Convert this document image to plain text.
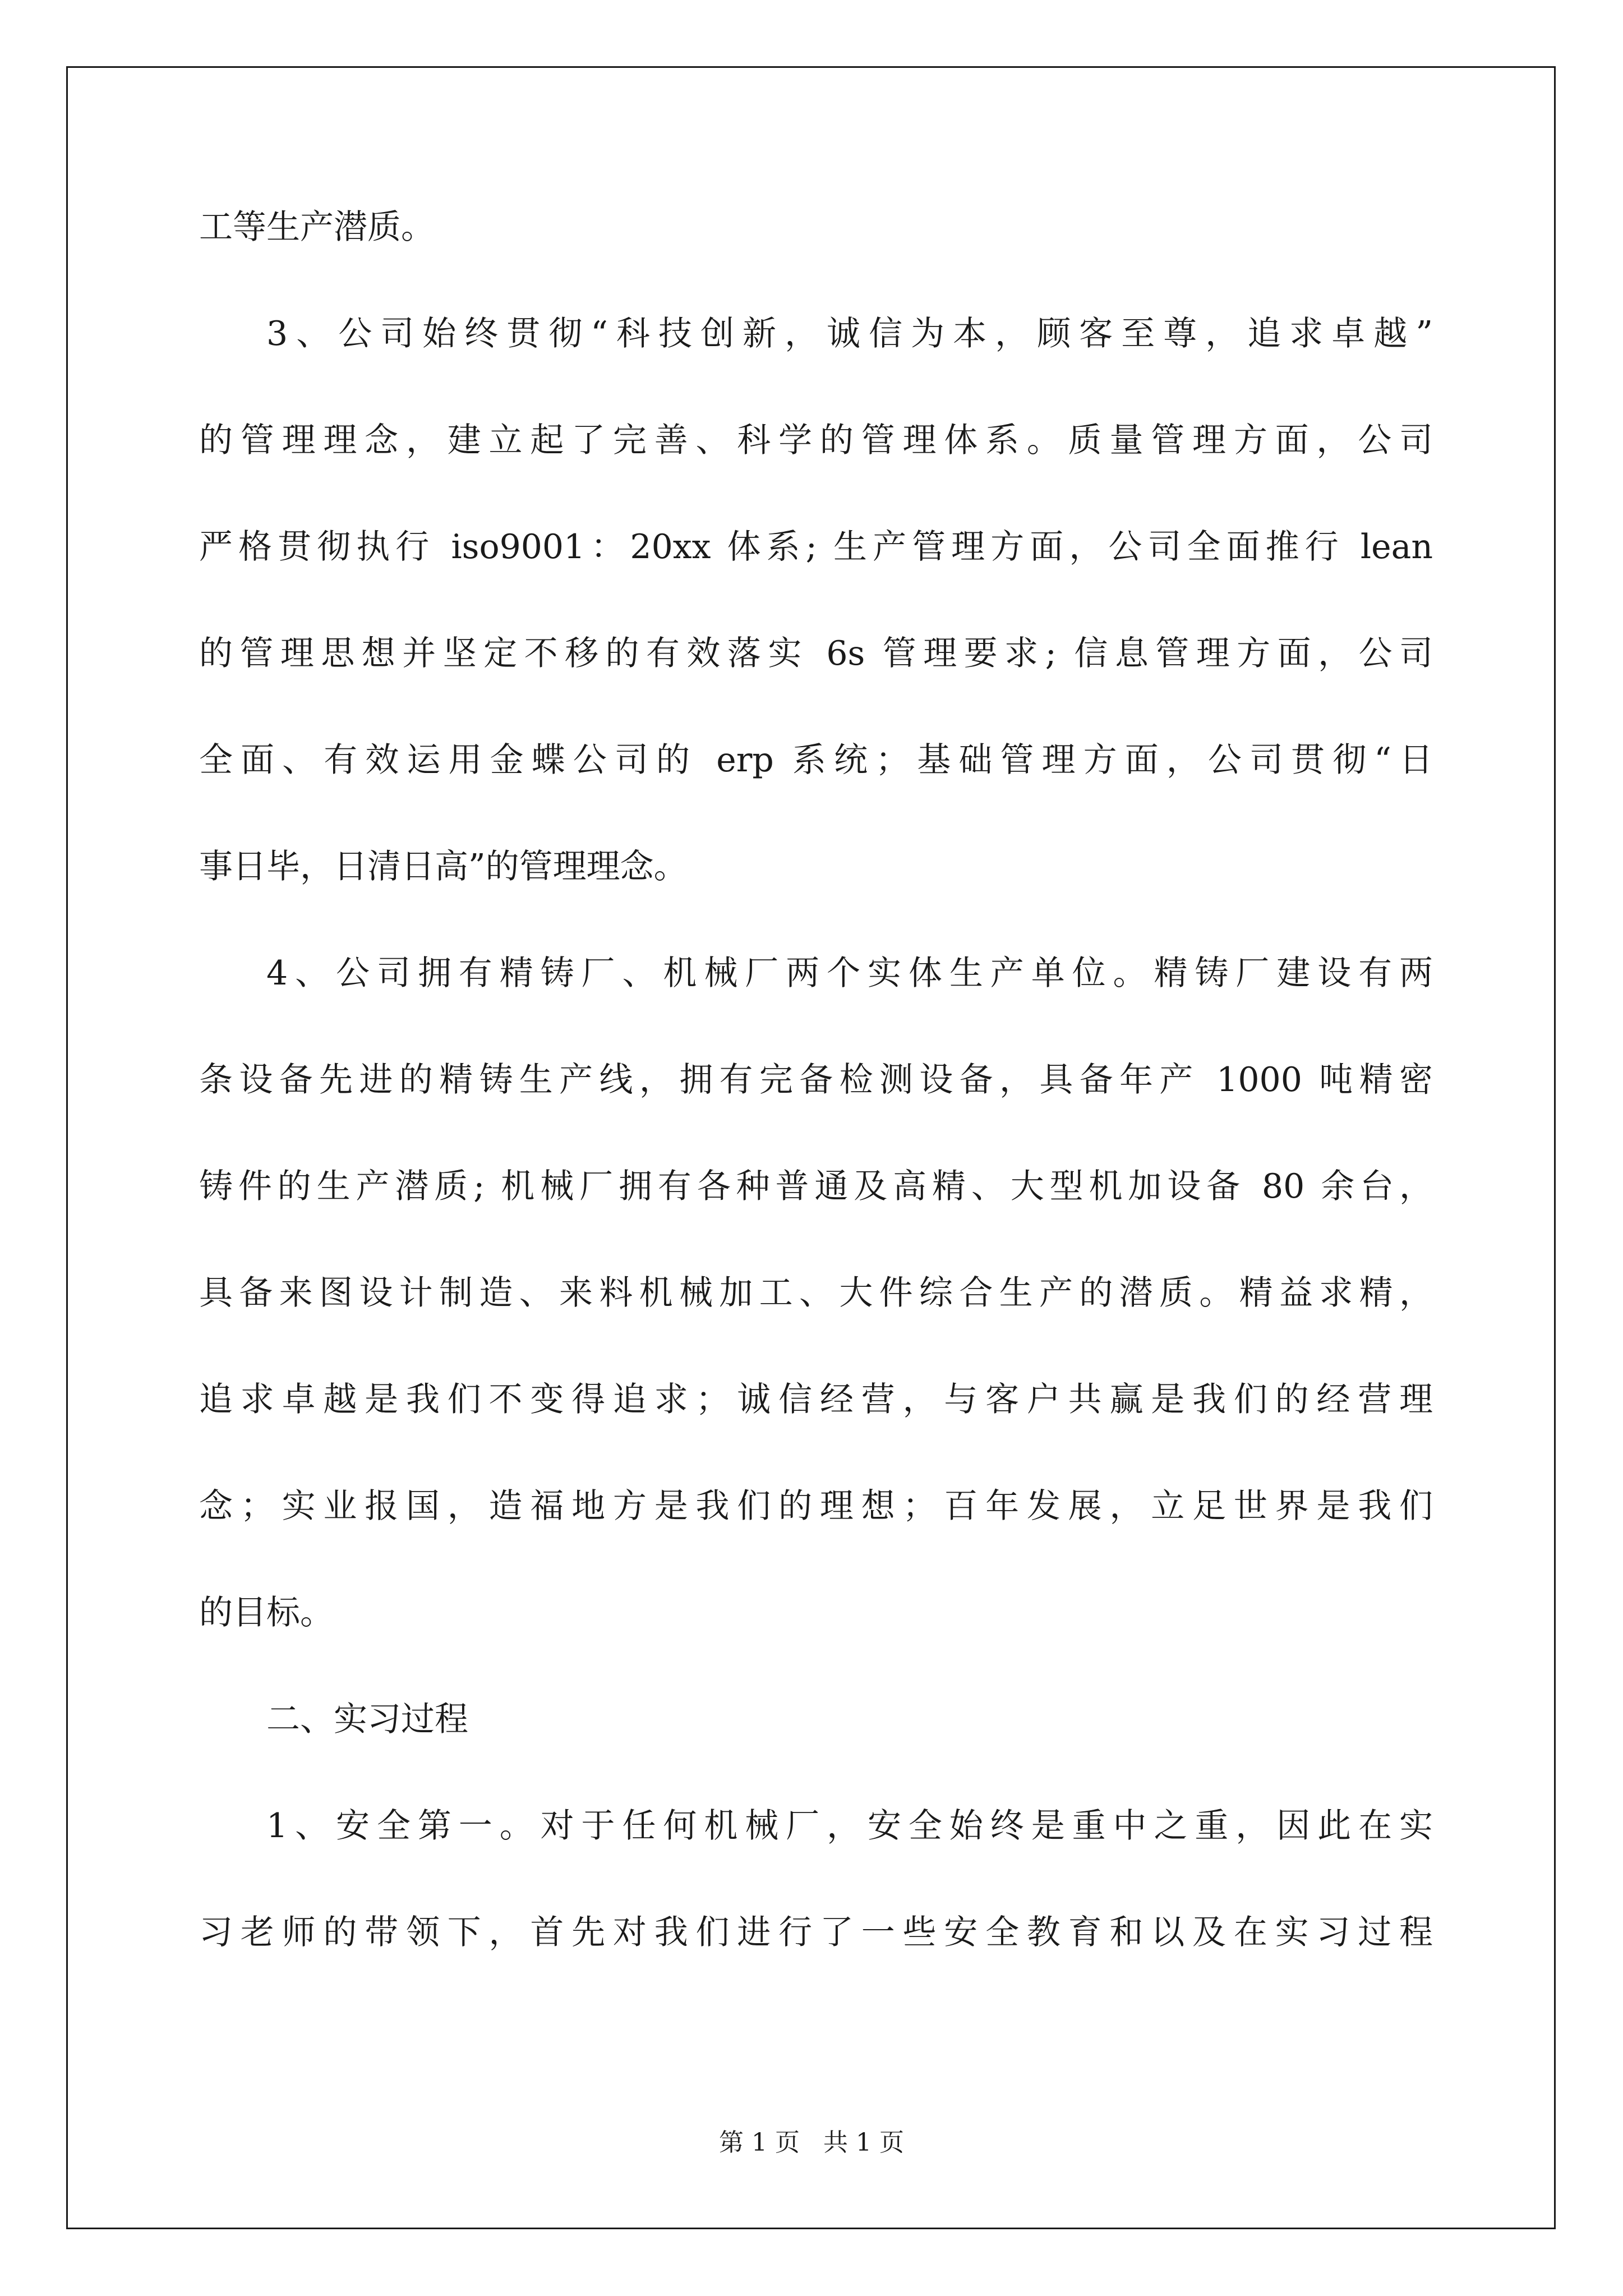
工等生产潜质。
3、公司始终贯彻“科技创新，诚信为本，顾客至尊，追求卓越”
的管理理念，建立起了完善、科学的管理体系。质量管理方面，公司
严格贯彻执行 iso9001：20xx 体系; 生产管理方面，公司全面推行 lean
的管理思想并坚定不移的有效落实 6s 管理要求; 信息管理方面，公司
全面、有效运用金蝶公司的 erp 系统；基础管理方面，公司贯彻“日
事日毕，日清日高”的管理理念。
4、公司拥有精铸厂、机械厂两个实体生产单位。精铸厂建设有两
条设备先进的精铸生产线，拥有完备检测设备，具备年产 1000 吨精密
铸件的生产潜质; 机械厂拥有各种普通及高精、大型机加设备 80 余台，
具备来图设计制造、来料机械加工、大件综合生产的潜质。精益求精，
追求卓越是我们不变得追求；诚信经营，与客户共赢是我们的经营理
念；实业报国，造福地方是我们的理想；百年发展，立足世界是我们
的目标。
二、实习过程
1、安全第一。对于任何机械厂，安全始终是重中之重，因此在实
习老师的带领下，首先对我们进行了一些安全教育和以及在实习过程
第 1 页 共 1 页
